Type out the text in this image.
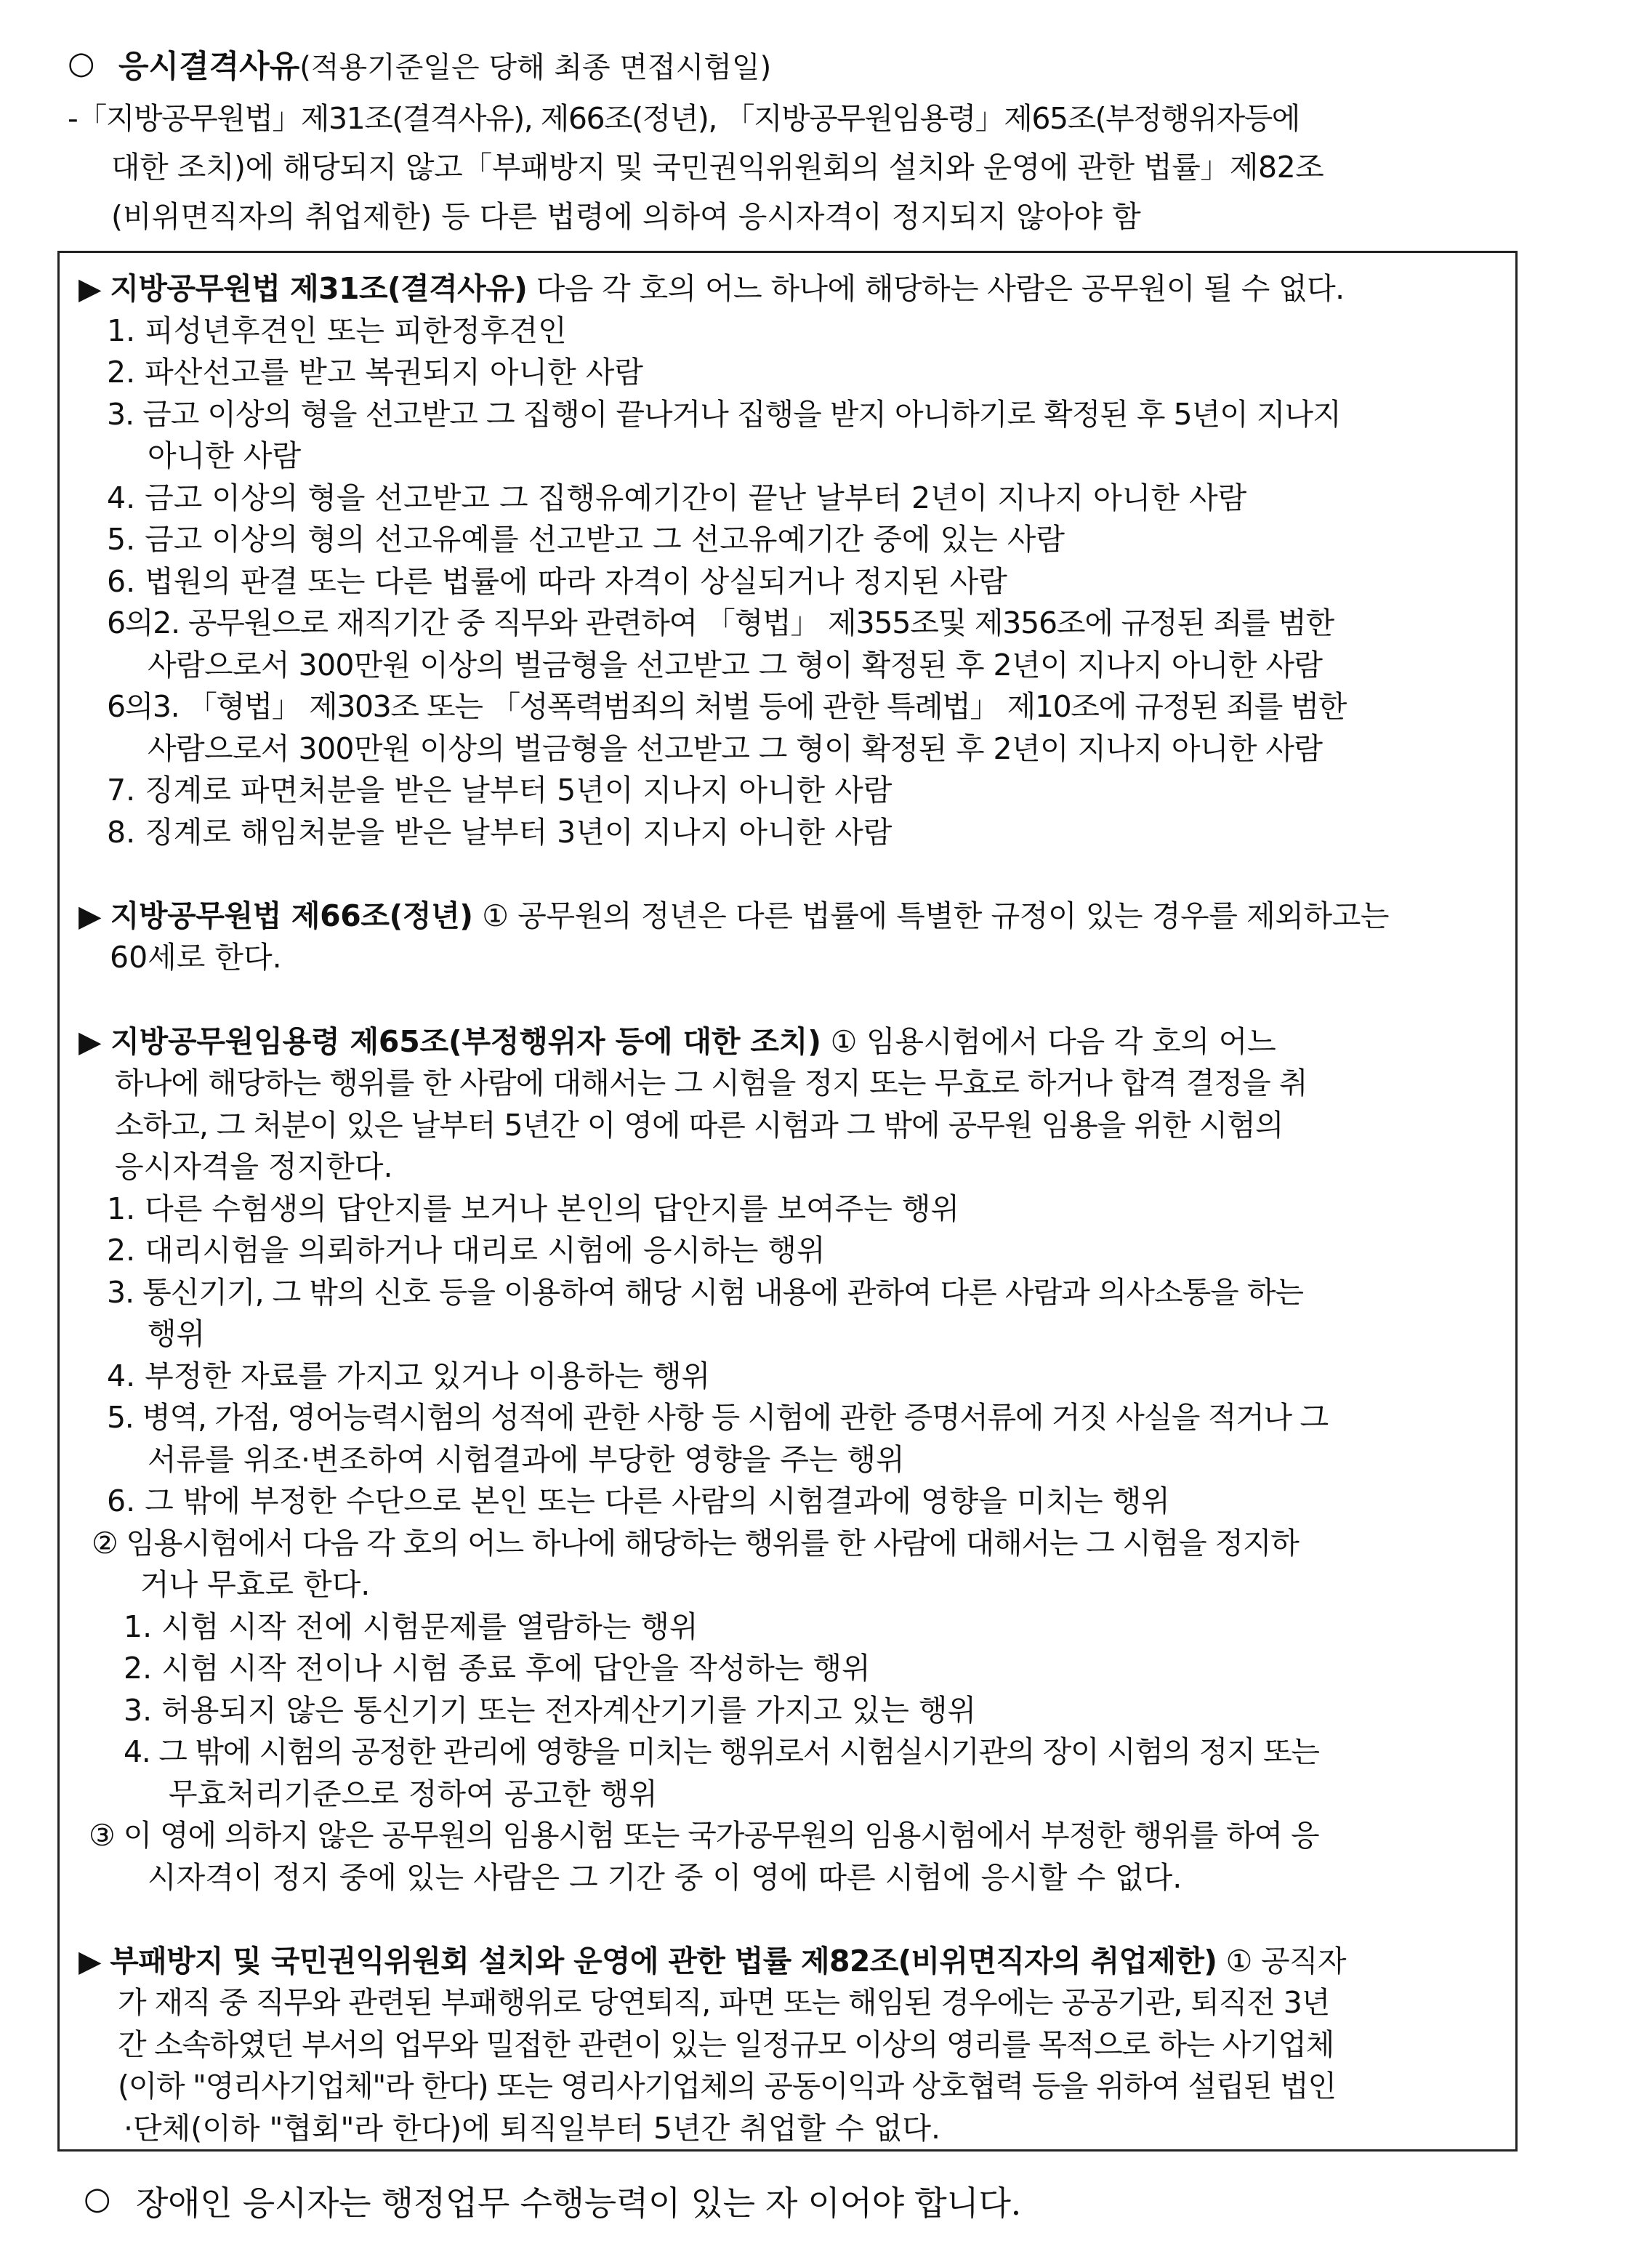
○ 응시결격사유(적용기준일은 당해 최종 면접시험일)
-「지방공무원법」제31조(결격사유), 제66조(정년), 「지방공무원임용령」제65조(부정행위자등에
대한 조치)에 해당되지 않고「부패방지 및 국민권익위원회의 설치와 운영에 관한 법률」제82조
(비위면직자의 취업제한) 등 다른 법령에 의하여 응시자격이 정지되지 않아야 함
▶ 지방공무원법 제31조(결격사유) 다음 각 호의 어느 하나에 해당하는 사람은 공무원이 될 수 없다.
1. 피성년후견인 또는 피한정후견인
2. 파산선고를 받고 복권되지 아니한 사람
3. 금고 이상의 형을 선고받고 그 집행이 끝나거나 집행을 받지 아니하기로 확정된 후 5년이 지나지
아니한 사람
4. 금고 이상의 형을 선고받고 그 집행유예기간이 끝난 날부터 2년이 지나지 아니한 사람
5. 금고 이상의 형의 선고유예를 선고받고 그 선고유예기간 중에 있는 사람
6. 법원의 판결 또는 다른 법률에 따라 자격이 상실되거나 정지된 사람
6의2. 공무원으로 재직기간 중 직무와 관련하여 「형법」 제355조및 제356조에 규정된 죄를 범한
사람으로서 300만원 이상의 벌금형을 선고받고 그 형이 확정된 후 2년이 지나지 아니한 사람
6의3. 「형법」 제303조 또는 「성폭력범죄의 처벌 등에 관한 특례법」 제10조에 규정된 죄를 범한
사람으로서 300만원 이상의 벌금형을 선고받고 그 형이 확정된 후 2년이 지나지 아니한 사람
7. 징계로 파면처분을 받은 날부터 5년이 지나지 아니한 사람
8. 징계로 해임처분을 받은 날부터 3년이 지나지 아니한 사람
▶ 지방공무원법 제66조(정년) ① 공무원의 정년은 다른 법률에 특별한 규정이 있는 경우를 제외하고는
60세로 한다.
▶ 지방공무원임용령 제65조(부정행위자 등에 대한 조치) ① 임용시험에서 다음 각 호의 어느
하나에 해당하는 행위를 한 사람에 대해서는 그 시험을 정지 또는 무효로 하거나 합격 결정을 취
소하고, 그 처분이 있은 날부터 5년간 이 영에 따른 시험과 그 밖에 공무원 임용을 위한 시험의
응시자격을 정지한다.
1. 다른 수험생의 답안지를 보거나 본인의 답안지를 보여주는 행위
2. 대리시험을 의뢰하거나 대리로 시험에 응시하는 행위
3. 통신기기, 그 밖의 신호 등을 이용하여 해당 시험 내용에 관하여 다른 사람과 의사소통을 하는
행위
4. 부정한 자료를 가지고 있거나 이용하는 행위
5. 병역, 가점, 영어능력시험의 성적에 관한 사항 등 시험에 관한 증명서류에 거짓 사실을 적거나 그
서류를 위조·변조하여 시험결과에 부당한 영향을 주는 행위
6. 그 밖에 부정한 수단으로 본인 또는 다른 사람의 시험결과에 영향을 미치는 행위
② 임용시험에서 다음 각 호의 어느 하나에 해당하는 행위를 한 사람에 대해서는 그 시험을 정지하
거나 무효로 한다.
1. 시험 시작 전에 시험문제를 열람하는 행위
2. 시험 시작 전이나 시험 종료 후에 답안을 작성하는 행위
3. 허용되지 않은 통신기기 또는 전자계산기기를 가지고 있는 행위
4. 그 밖에 시험의 공정한 관리에 영향을 미치는 행위로서 시험실시기관의 장이 시험의 정지 또는
무효처리기준으로 정하여 공고한 행위
③ 이 영에 의하지 않은 공무원의 임용시험 또는 국가공무원의 임용시험에서 부정한 행위를 하여 응
시자격이 정지 중에 있는 사람은 그 기간 중 이 영에 따른 시험에 응시할 수 없다.
▶ 부패방지 및 국민권익위원회 설치와 운영에 관한 법률 제82조(비위면직자의 취업제한) ① 공직자
가 재직 중 직무와 관련된 부패행위로 당연퇴직, 파면 또는 해임된 경우에는 공공기관, 퇴직전 3년
간 소속하였던 부서의 업무와 밀접한 관련이 있는 일정규모 이상의 영리를 목적으로 하는 사기업체
(이하 "영리사기업체"라 한다) 또는 영리사기업체의 공동이익과 상호협력 등을 위하여 설립된 법인
·단체(이하 "협회"라 한다)에 퇴직일부터 5년간 취업할 수 없다.
○ 장애인 응시자는 행정업무 수행능력이 있는 자 이어야 합니다.
